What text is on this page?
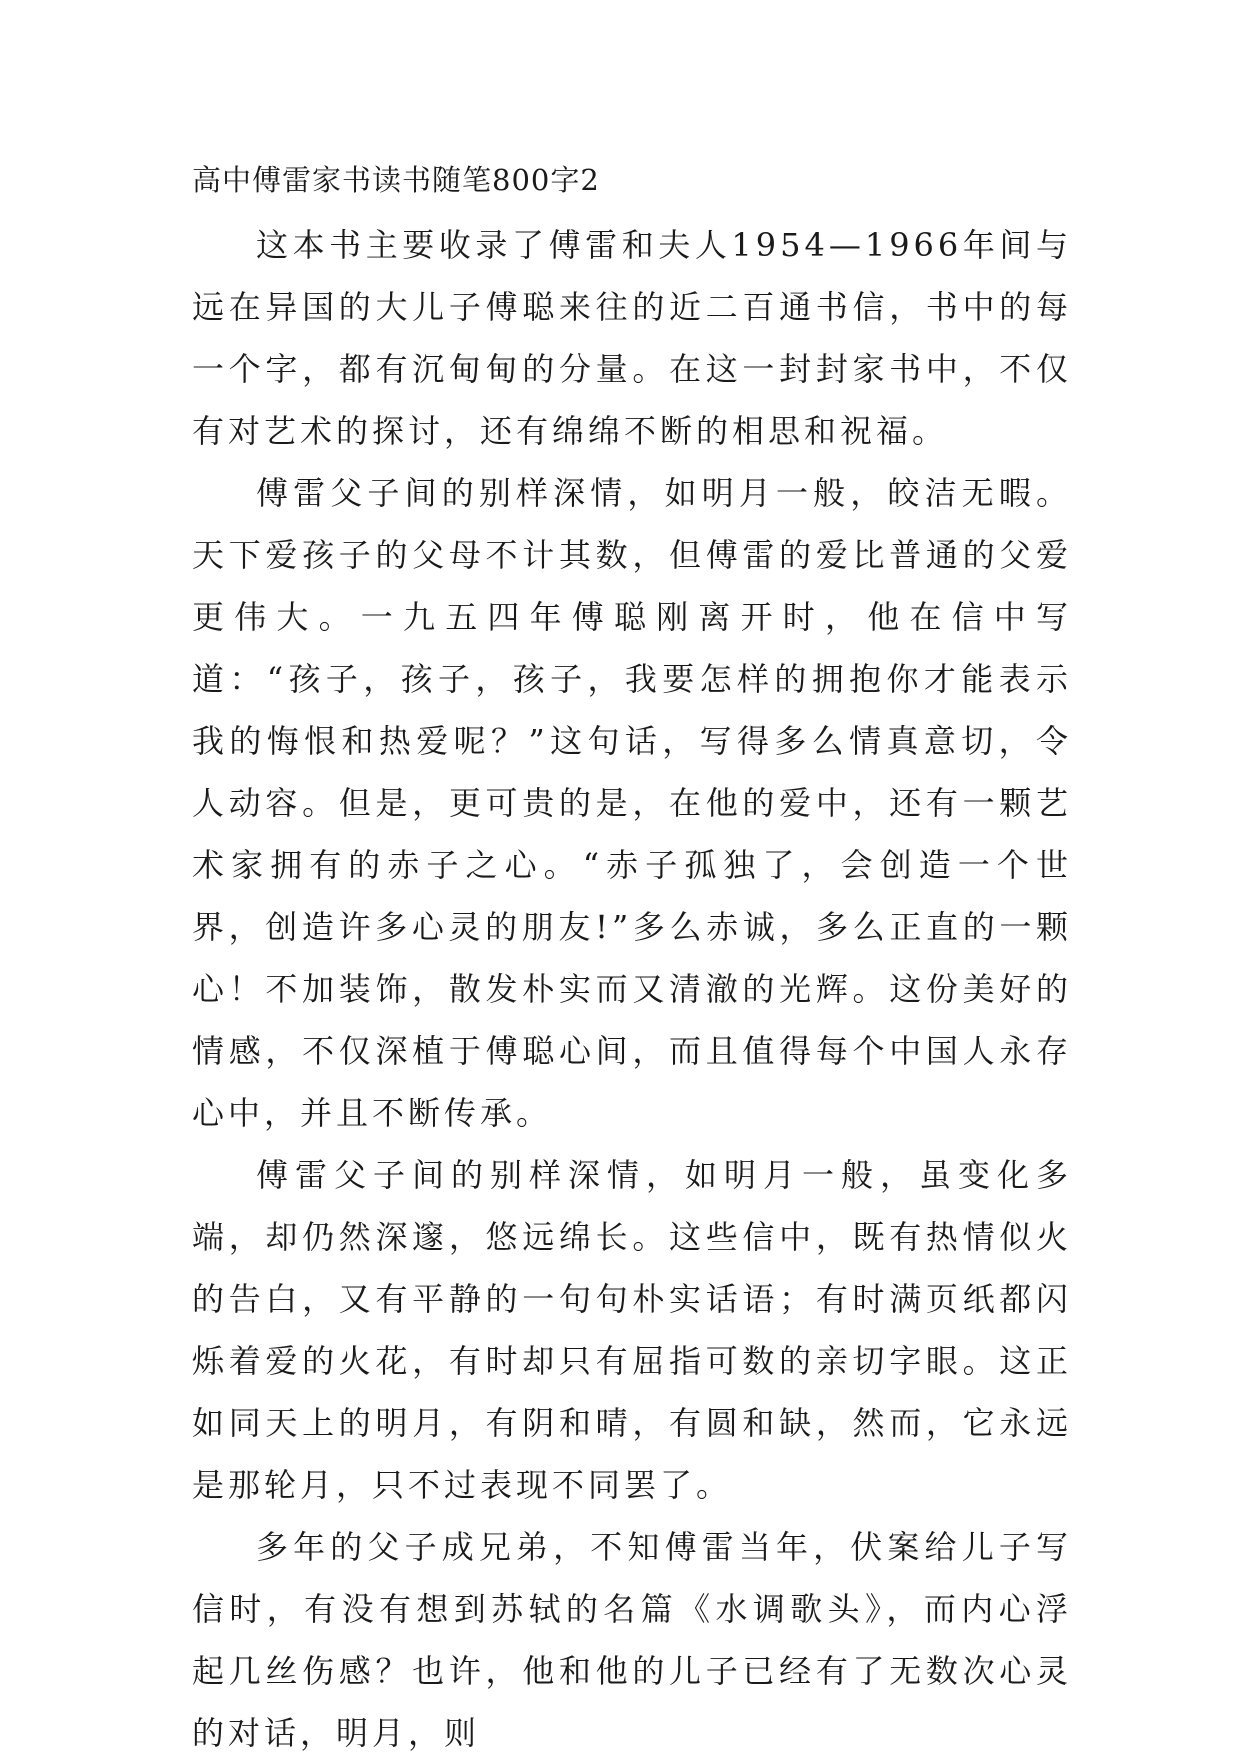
高中傅雷家书读书随笔800字2

这本书主要收录了傅雷和夫人1954—1966年间与远在异国的大儿子傅聪来往的近二百通书信，书中的每一个字，都有沉甸甸的分量。在这一封封家书中，不仅有对艺术的探讨，还有绵绵不断的相思和祝福。

傅雷父子间的别样深情，如明月一般，皎洁无暇。天下爱孩子的父母不计其数，但傅雷的爱比普通的父爱更伟大。一九五四年傅聪刚离开时，他在信中写道：“孩子，孩子，孩子，我要怎样的拥抱你才能表示我的悔恨和热爱呢？”这句话，写得多么情真意切，令人动容。但是，更可贵的是，在他的爱中，还有一颗艺术家拥有的赤子之心。“赤子孤独了，会创造一个世界，创造许多心灵的朋友!”多么赤诚，多么正直的一颗心！不加装饰，散发朴实而又清澈的光辉。这份美好的情感，不仅深植于傅聪心间，而且值得每个中国人永存心中，并且不断传承。

傅雷父子间的别样深情，如明月一般，虽变化多端，却仍然深邃，悠远绵长。这些信中，既有热情似火的告白，又有平静的一句句朴实话语；有时满页纸都闪烁着爱的火花，有时却只有屈指可数的亲切字眼。这正如同天上的明月，有阴和晴，有圆和缺，然而，它永远是那轮月，只不过表现不同罢了。

多年的父子成兄弟，不知傅雷当年，伏案给儿子写信时，有没有想到苏轼的名篇《水调歌头》，而内心浮起几丝伤感？也许，他和他的儿子已经有了无数次心灵的对话，明月，则
